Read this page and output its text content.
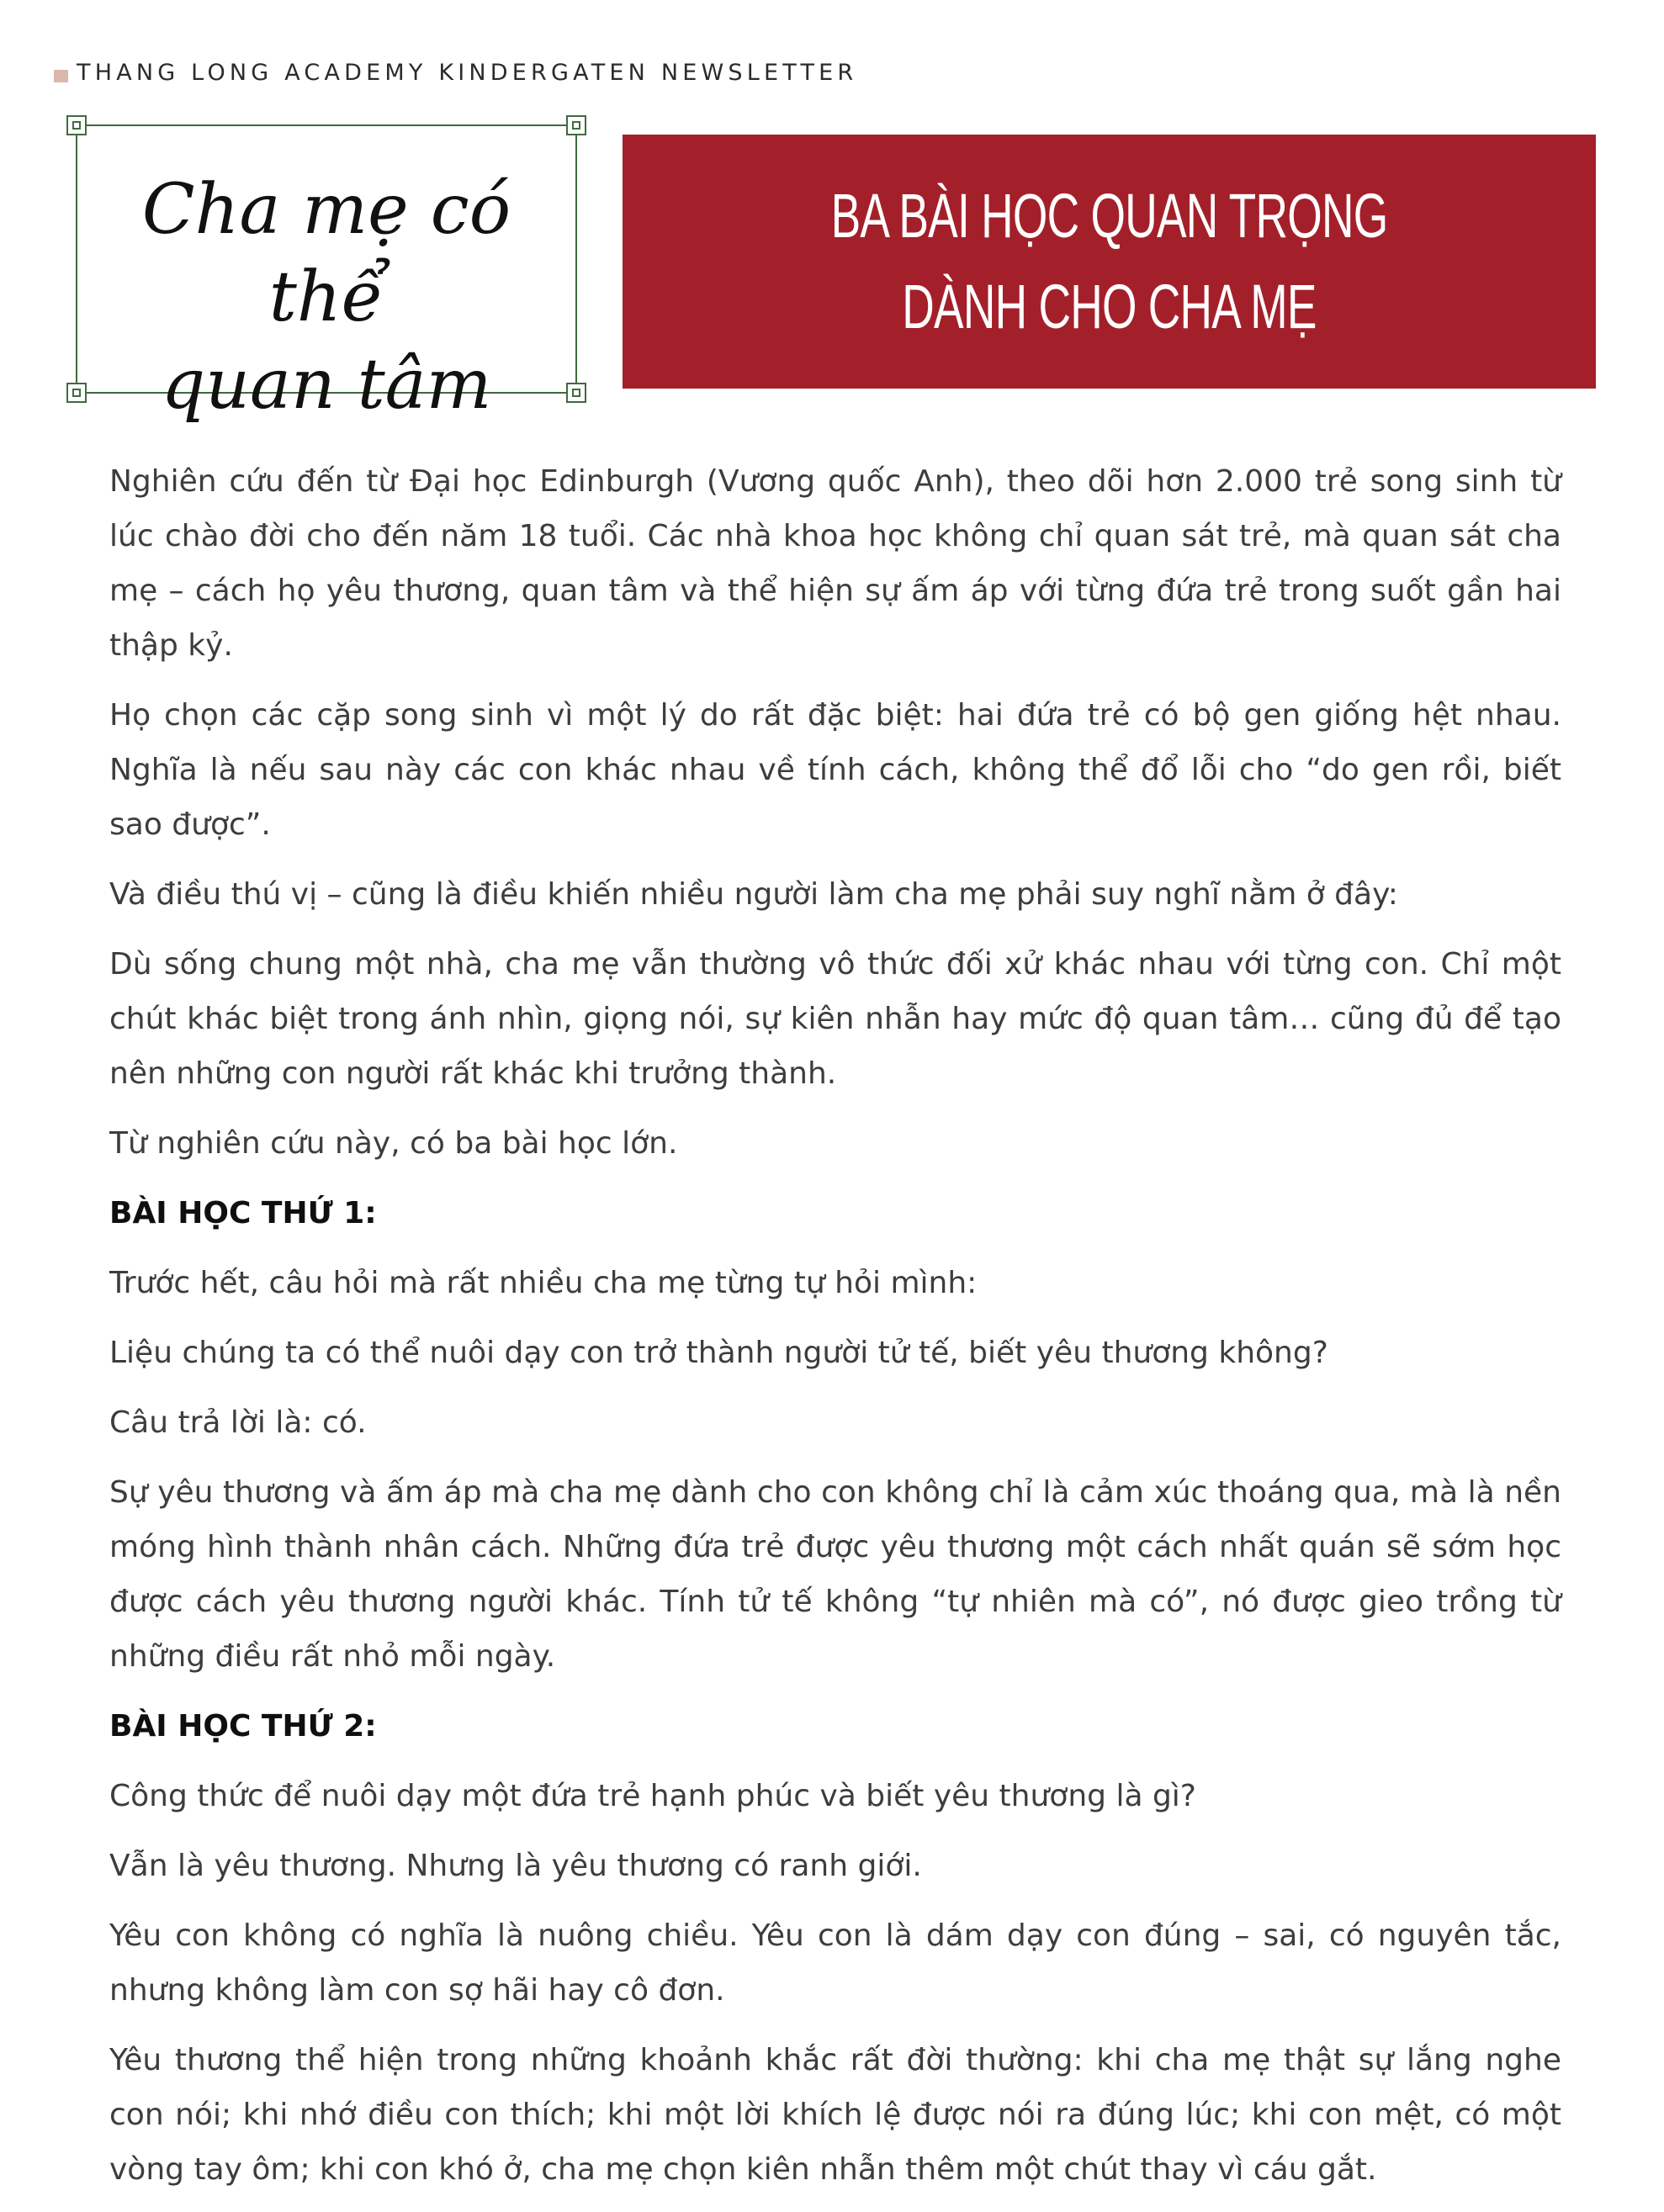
THANG LONG ACADEMY KINDERGATEN NEWSLETTER
Cha mẹ có thể
quan tâm
BA BÀI HỌC QUAN TRỌNG
DÀNH CHO CHA MẸ

Nghiên cứu đến từ Đại học Edinburgh (Vương quốc Anh), theo dõi hơn 2.000 trẻ song sinh từ lúc chào đời cho đến năm 18 tuổi. Các nhà khoa học không chỉ quan sát trẻ, mà quan sát cha mẹ – cách họ yêu thương, quan tâm và thể hiện sự ấm áp với từng đứa trẻ trong suốt gần hai thập kỷ.

Họ chọn các cặp song sinh vì một lý do rất đặc biệt: hai đứa trẻ có bộ gen giống hệt nhau. Nghĩa là nếu sau này các con khác nhau về tính cách, không thể đổ lỗi cho “do gen rồi, biết sao được”.

Và điều thú vị – cũng là điều khiến nhiều người làm cha mẹ phải suy nghĩ nằm ở đây:

Dù sống chung một nhà, cha mẹ vẫn thường vô thức đối xử khác nhau với từng con. Chỉ một chút khác biệt trong ánh nhìn, giọng nói, sự kiên nhẫn hay mức độ quan tâm… cũng đủ để tạo nên những con người rất khác khi trưởng thành.

Từ nghiên cứu này, có ba bài học lớn.

BÀI HỌC THỨ 1:

Trước hết, câu hỏi mà rất nhiều cha mẹ từng tự hỏi mình:

Liệu chúng ta có thể nuôi dạy con trở thành người tử tế, biết yêu thương không?

Câu trả lời là: có.

Sự yêu thương và ấm áp mà cha mẹ dành cho con không chỉ là cảm xúc thoáng qua, mà là nền móng hình thành nhân cách. Những đứa trẻ được yêu thương một cách nhất quán sẽ sớm học được cách yêu thương người khác. Tính tử tế không “tự nhiên mà có”, nó được gieo trồng từ những điều rất nhỏ mỗi ngày.

BÀI HỌC THỨ 2:

Công thức để nuôi dạy một đứa trẻ hạnh phúc và biết yêu thương là gì?

Vẫn là yêu thương. Nhưng là yêu thương có ranh giới.

Yêu con không có nghĩa là nuông chiều. Yêu con là dám dạy con đúng – sai, có nguyên tắc, nhưng không làm con sợ hãi hay cô đơn.

Yêu thương thể hiện trong những khoảnh khắc rất đời thường: khi cha mẹ thật sự lắng nghe con nói; khi nhớ điều con thích; khi một lời khích lệ được nói ra đúng lúc; khi con mệt, có một vòng tay ôm; khi con khó ở, cha mẹ chọn kiên nhẫn thêm một chút thay vì cáu gắt.
